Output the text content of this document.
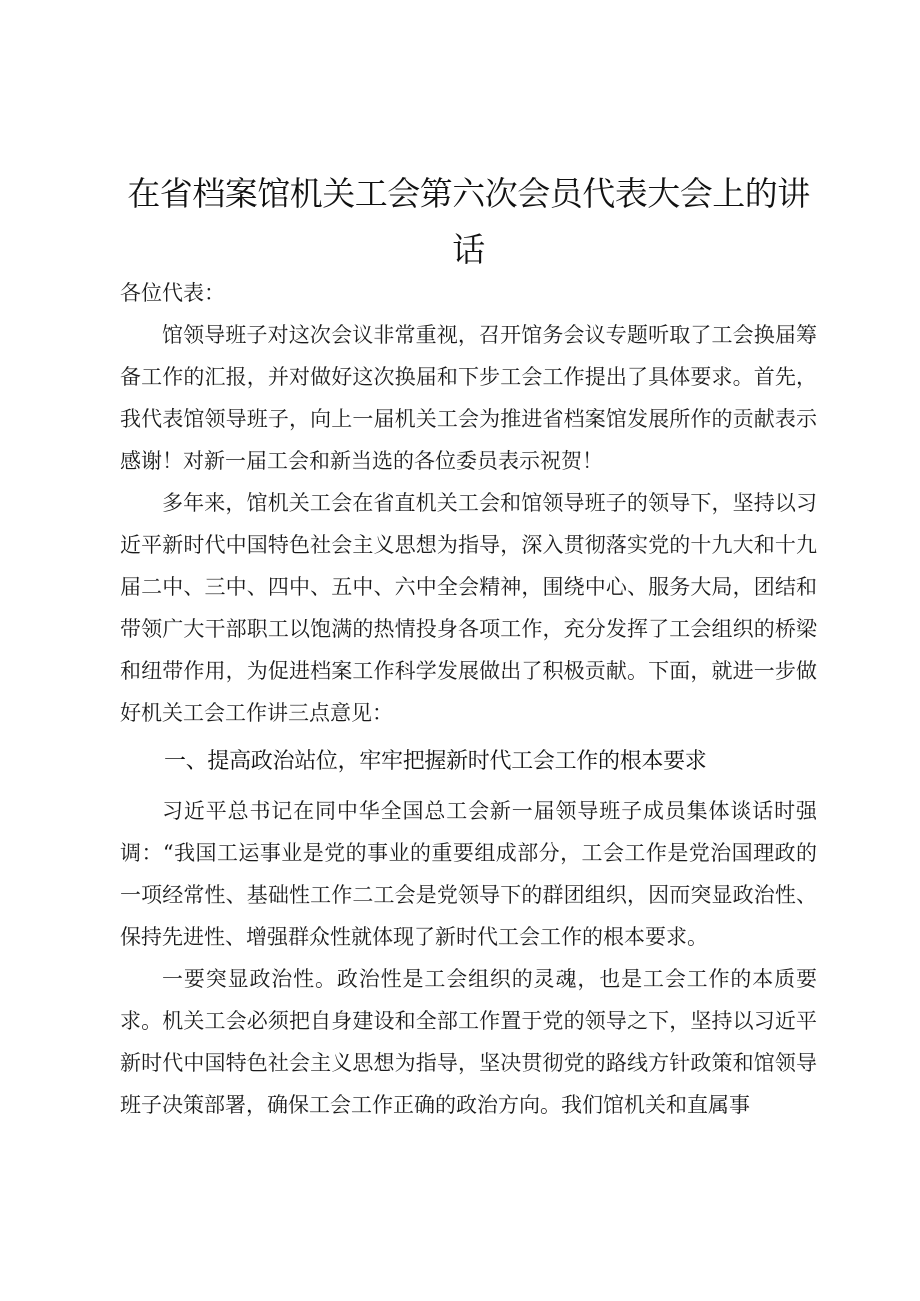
在省档案馆机关工会第六次会员代表大会上的讲话

各位代表：

馆领导班子对这次会议非常重视，召开馆务会议专题听取了工会换届筹备工作的汇报，并对做好这次换届和下步工会工作提出了具体要求。首先，我代表馆领导班子，向上一届机关工会为推进省档案馆发展所作的贡献表示感谢！对新一届工会和新当选的各位委员表示祝贺！

多年来，馆机关工会在省直机关工会和馆领导班子的领导下，坚持以习近平新时代中国特色社会主义思想为指导，深入贯彻落实党的十九大和十九届二中、三中、四中、五中、六中全会精神，围绕中心、服务大局，团结和带领广大干部职工以饱满的热情投身各项工作，充分发挥了工会组织的桥梁和纽带作用，为促进档案工作科学发展做出了积极贡献。下面，就进一步做好机关工会工作讲三点意见：

一、提高政治站位，牢牢把握新时代工会工作的根本要求

习近平总书记在同中华全国总工会新一届领导班子成员集体谈话时强调：“我国工运事业是党的事业的重要组成部分，工会工作是党治国理政的一项经常性、基础性工作二工会是党领导下的群团组织，因而突显政治性、保持先进性、增强群众性就体现了新时代工会工作的根本要求。

一要突显政治性。政治性是工会组织的灵魂，也是工会工作的本质要求。机关工会必须把自身建设和全部工作置于党的领导之下，坚持以习近平新时代中国特色社会主义思想为指导，坚决贯彻党的路线方针政策和馆领导班子决策部署，确保工会工作正确的政治方向。我们馆机关和直属事
